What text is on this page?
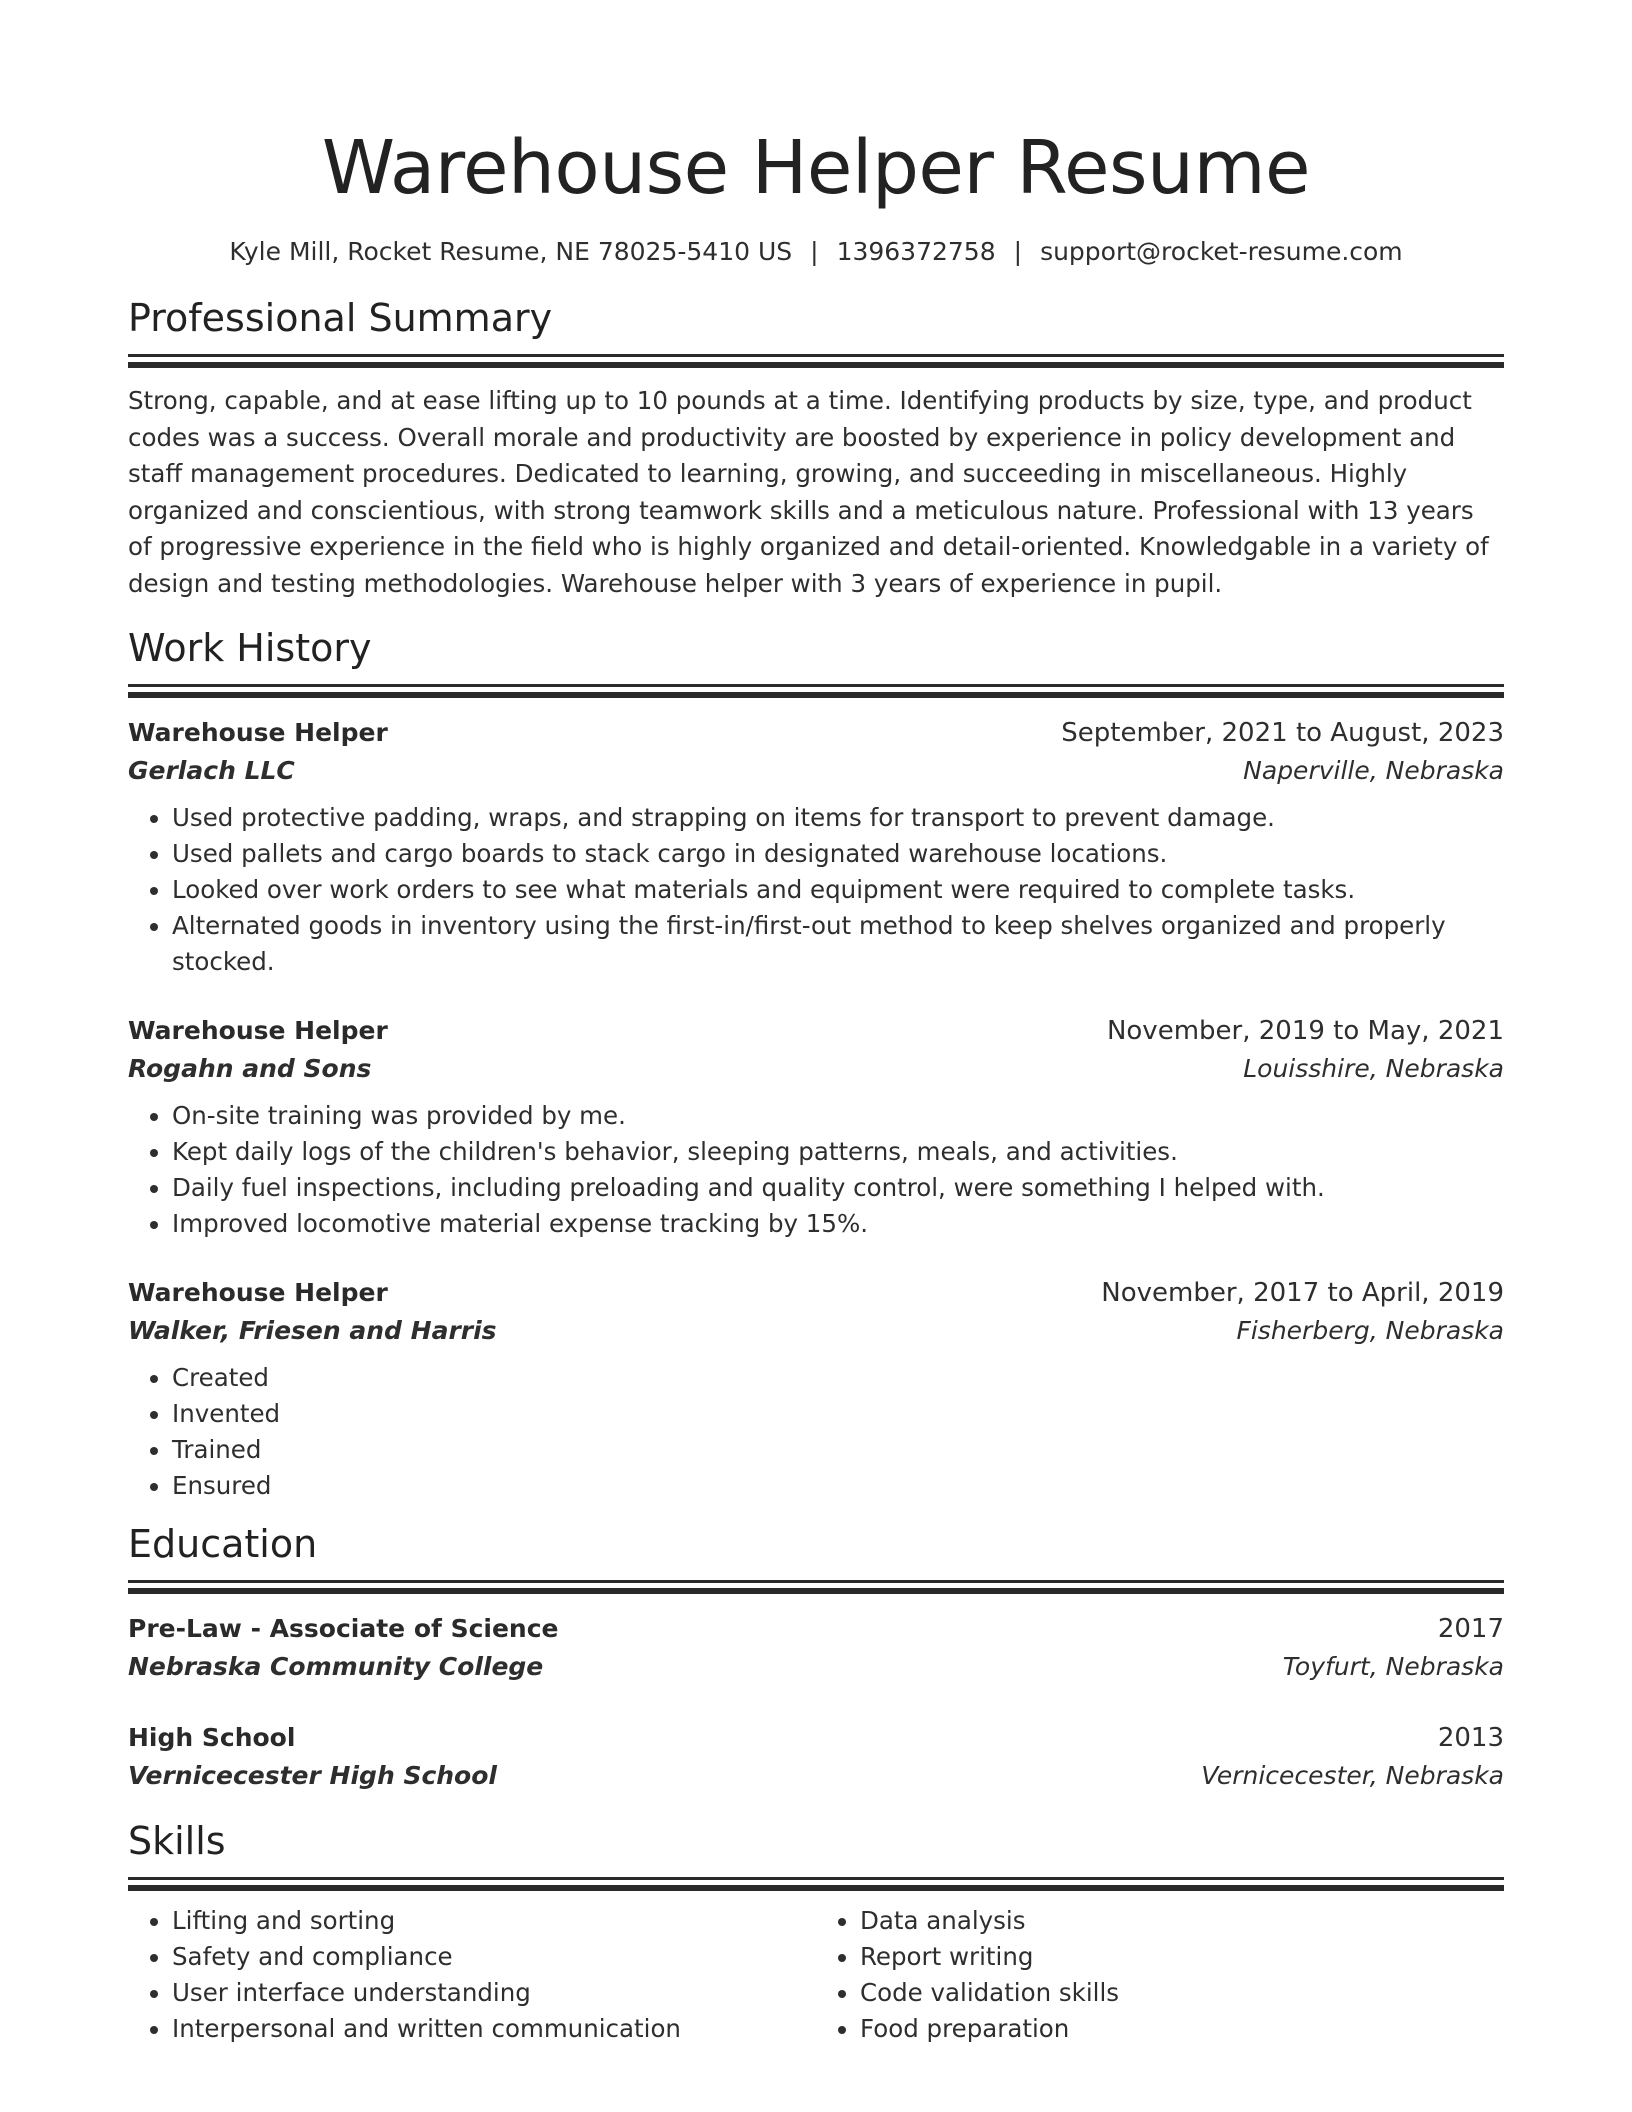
Warehouse Helper Resume
Kyle Mill, Rocket Resume, NE 78025-5410 US | 1396372758 | support@rocket-resume.com
Professional Summary

Strong, capable, and at ease lifting up to 10 pounds at a time. Identifying products by size, type, and product codes was a success. Overall morale and productivity are boosted by experience in policy development and staff management procedures. Dedicated to learning, growing, and succeeding in miscellaneous. Highly organized and conscientious, with strong teamwork skills and a meticulous nature. Professional with 13 years of progressive experience in the field who is highly organized and detail-oriented. Knowledgable in a variety of design and testing methodologies. Warehouse helper with 3 years of experience in pupil.

Work History
Warehouse Helper	September, 2021 to August, 2023
Gerlach LLC	Naperville, Nebraska
• Used protective padding, wraps, and strapping on items for transport to prevent damage.
• Used pallets and cargo boards to stack cargo in designated warehouse locations.
• Looked over work orders to see what materials and equipment were required to complete tasks.
• Alternated goods in inventory using the first-in/first-out method to keep shelves organized and properly stocked.
Warehouse Helper	November, 2019 to May, 2021
Rogahn and Sons	Louisshire, Nebraska
• On-site training was provided by me.
• Kept daily logs of the children's behavior, sleeping patterns, meals, and activities.
• Daily fuel inspections, including preloading and quality control, were something I helped with.
• Improved locomotive material expense tracking by 15%.
Warehouse Helper	November, 2017 to April, 2019
Walker, Friesen and Harris	Fisherberg, Nebraska
• Created
• Invented
• Trained
• Ensured
Education
Pre-Law - Associate of Science	2017
Nebraska Community College	Toyfurt, Nebraska
High School	2013
Vernicecester High School	Vernicecester, Nebraska
Skills
• Lifting and sorting
• Safety and compliance
• User interface understanding
• Interpersonal and written communication
• Data analysis
• Report writing
• Code validation skills
• Food preparation
